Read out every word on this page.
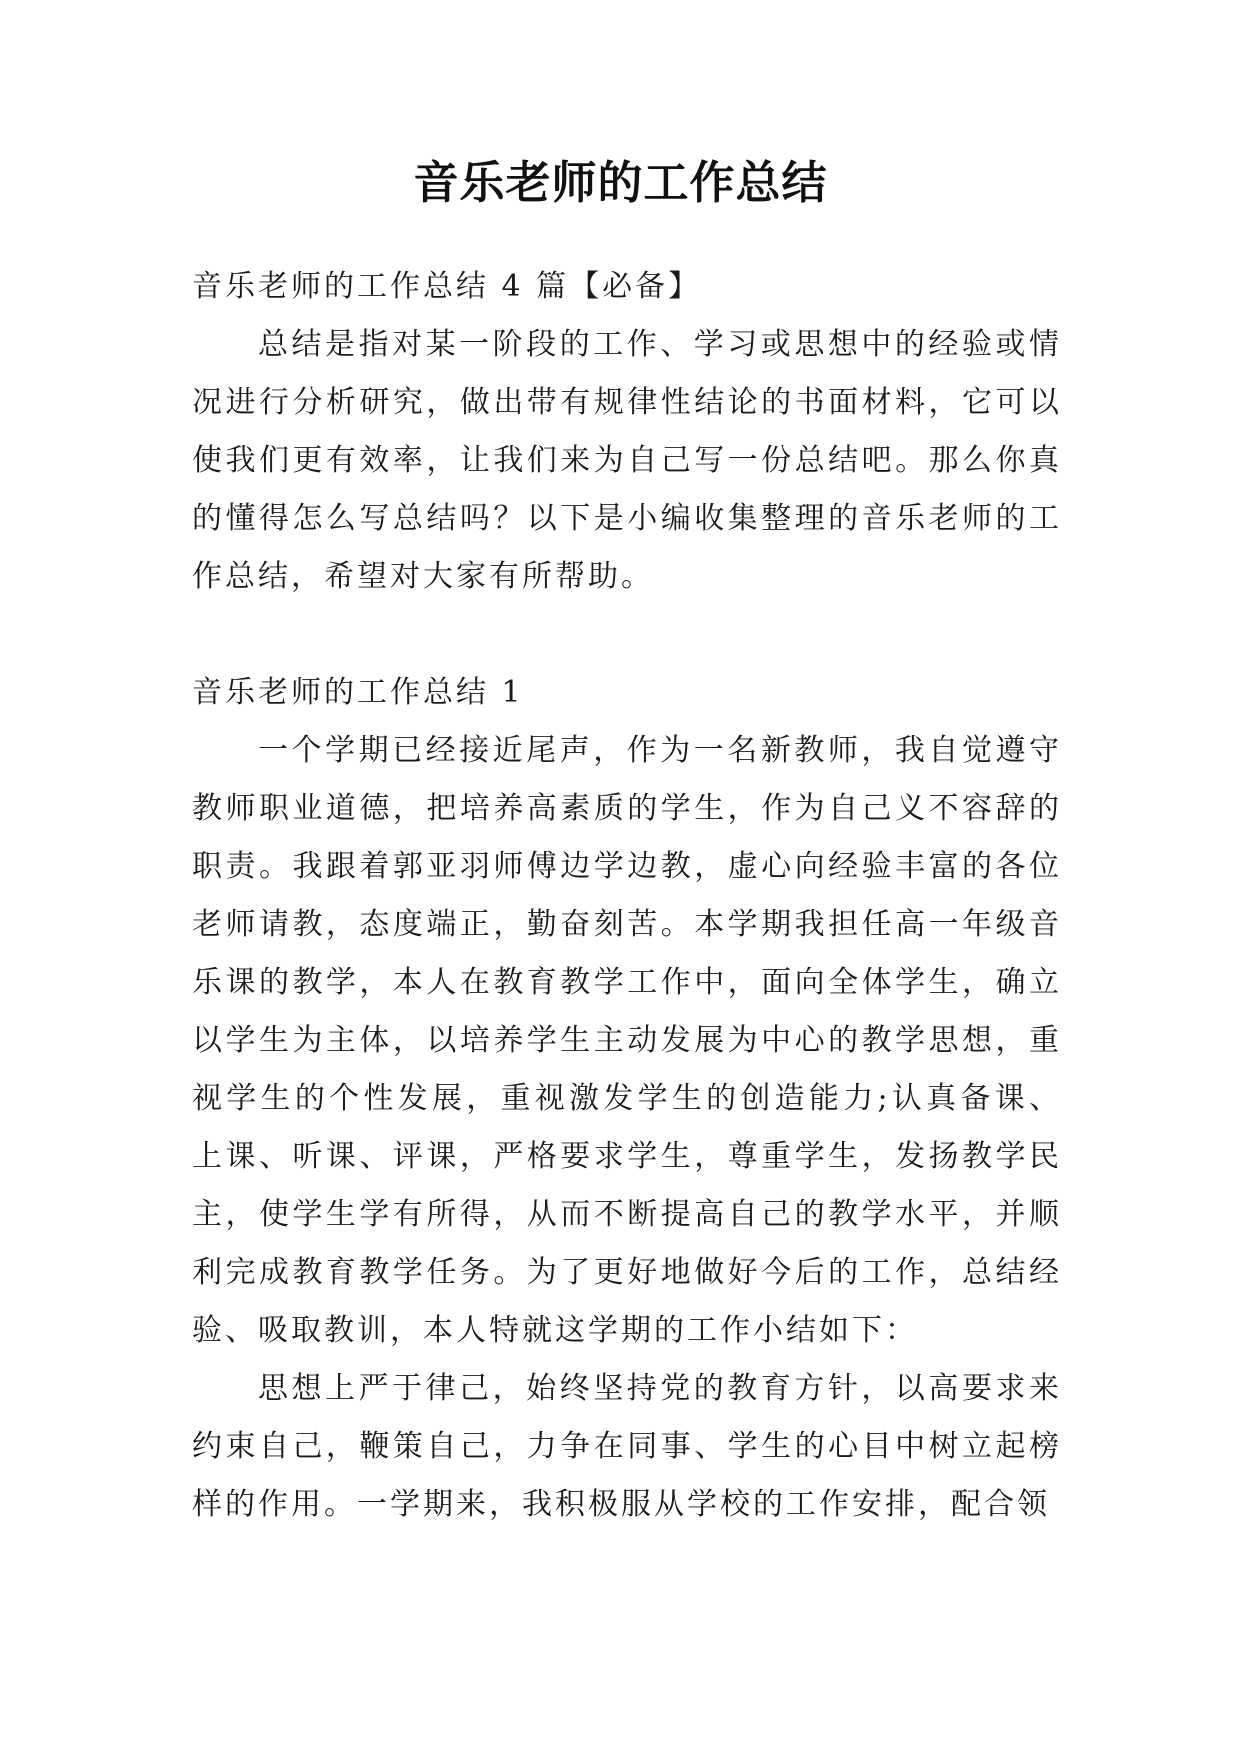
音乐老师的工作总结

音乐老师的工作总结 4 篇【必备】

总结是指对某一阶段的工作、学习或思想中的经验或情况进行分析研究，做出带有规律性结论的书面材料，它可以使我们更有效率，让我们来为自己写一份总结吧。那么你真的懂得怎么写总结吗？以下是小编收集整理的音乐老师的工作总结，希望对大家有所帮助。

音乐老师的工作总结 1

一个学期已经接近尾声，作为一名新教师，我自觉遵守教师职业道德，把培养高素质的学生，作为自己义不容辞的职责。我跟着郭亚羽师傅边学边教，虚心向经验丰富的各位老师请教，态度端正，勤奋刻苦。本学期我担任高一年级音乐课的教学，本人在教育教学工作中，面向全体学生，确立以学生为主体，以培养学生主动发展为中心的教学思想，重视学生的个性发展，重视激发学生的创造能力;认真备课、上课、听课、评课，严格要求学生，尊重学生，发扬教学民主，使学生学有所得，从而不断提高自己的教学水平，并顺利完成教育教学任务。为了更好地做好今后的工作，总结经验、吸取教训，本人特就这学期的工作小结如下：

思想上严于律己，始终坚持党的教育方针，以高要求来约束自己，鞭策自己，力争在同事、学生的心目中树立起榜样的作用。一学期来，我积极服从学校的工作安排，配合领
